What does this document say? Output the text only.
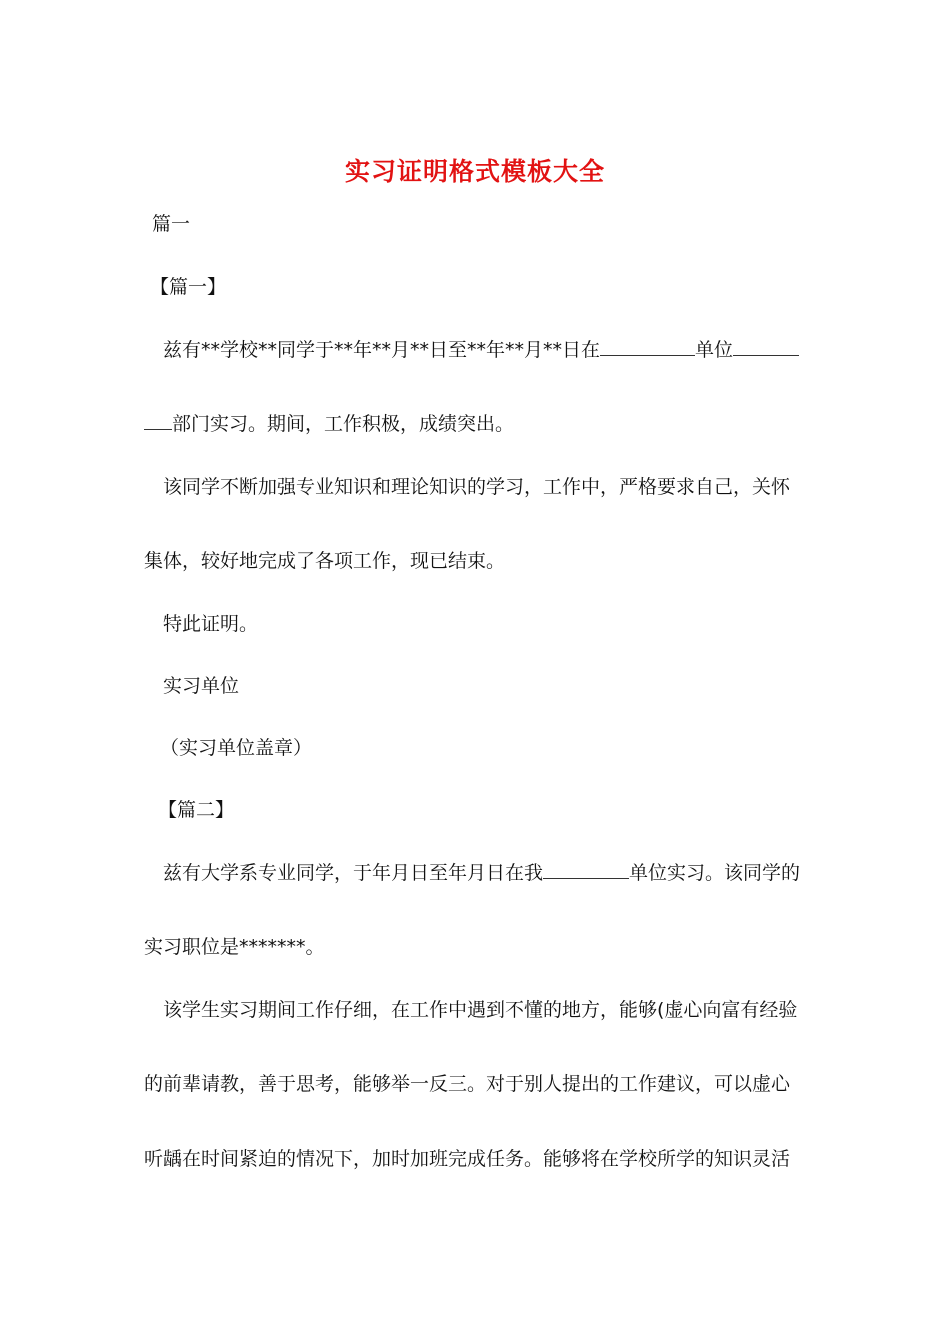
实习证明格式模板大全
篇一
【篇一】
兹有**学校**同学于**年**月**日至**年**月**日在	单位
部门实习。期间，工作积极，成绩突出。
该同学不断加强专业知识和理论知识的学习，工作中，严格要求自己，关怀
集体，较好地完成了各项工作，现已结束。
特此证明。
实习单位
（实习单位盖章）
【篇二】
兹有大学系专业同学，于年月日至年月日在我	单位实习。该同学的
实习职位是*******。
该学生实习期间工作仔细，在工作中遇到不懂的地方，能够(虚心向富有经验
的前辈请教，善于思考，能够举一反三。对于别人提出的工作建议，可以虚心
听龋在时间紧迫的情况下，加时加班完成任务。能够将在学校所学的知识灵活
